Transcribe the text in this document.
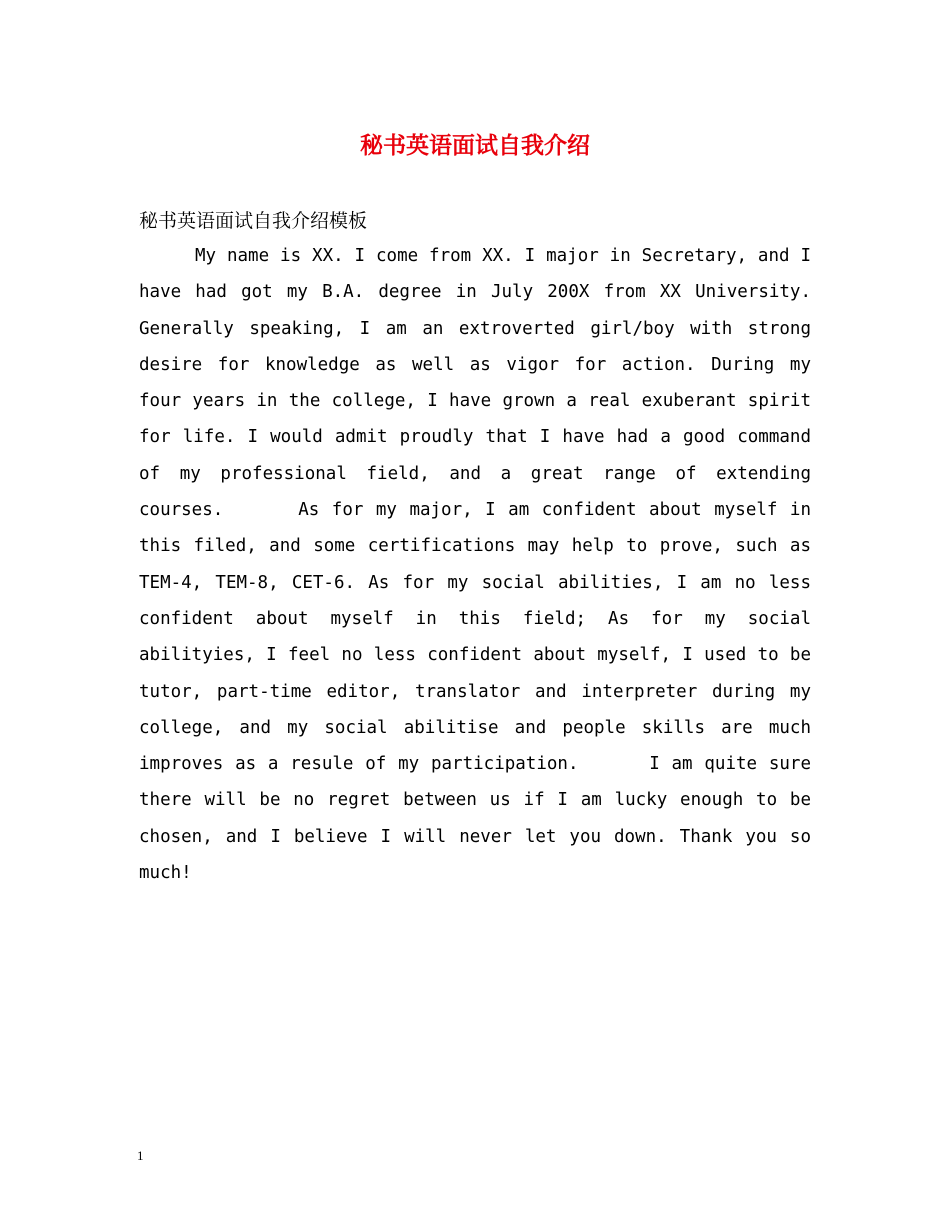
秘书英语面试自我介绍

秘书英语面试自我介绍模板

My name is XX. I come from XX. I major in Secretary, and I have had got my B.A. degree in July 200X from XX University. Generally speaking, I am an extroverted girl/boy with strong desire for knowledge as well as vigor for action. During my four years in the college, I have grown a real exuberant spirit for life. I would admit proudly that I have had a good command of my professional field, and a great range of extending courses.      As for my major, I am confident about myself in this filed, and some certifications may help to prove, such as TEM-4, TEM-8, CET-6. As for my social abilities, I am no less confident about myself in this field; As for my social abilityies, I feel no less confident about myself, I used to be tutor, part-time editor, translator and interpreter during my college, and my social abilitise and people skills are much improves as a resule of my participation.      I am quite sure there will be no regret between us if I am lucky enough to be chosen, and I believe I will never let you down. Thank you so much!

1
